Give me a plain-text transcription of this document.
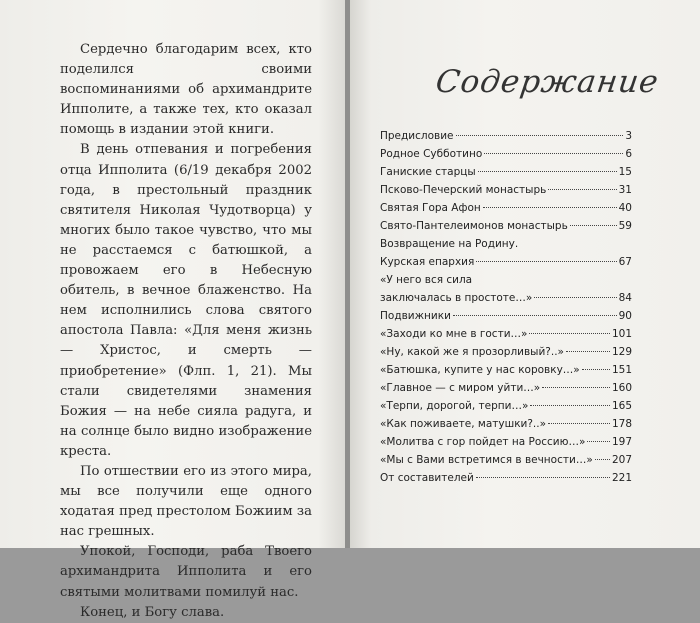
Сердечно благодарим всех, кто поделился своими воспоминаниями об архимандрите Ипполите, а также тех, кто оказал помощь в издании этой книги.

В день отпевания и погребения отца Ипполита (6/19 декабря 2002 года, в престольный праздник святителя Николая Чудотворца) у многих было такое чувство, что мы не расстаемся с батюшкой, а провожаем его в Небесную обитель, в вечное блаженство. На нем исполнились слова святого апостола Павла: «Для меня жизнь — Христос, и смерть — приобретение» (Флп. 1, 21). Мы стали свидетелями знамения Божия — на небе сияла радуга, и на солнце было видно изображение креста.

По отшествии его из этого мира, мы все получили еще одного ходатая пред престолом Божиим за нас грешных.

Упокой, Господи, раба Твоего архимандрита Ипполита и его святыми молитвами помилуй нас.

Конец, и Богу слава.

Содержание
Предисловие	3
Родное Субботино	6
Ганиские старцы	15
Псково-Печерский монастырь	31
Святая Гора Афон	40
Свято-Пантелеимонов монастырь	59
Возвращение на Родину.
Курская епархия	67
«У него вся сила
заключалась в простоте…»	84
Подвижники	90
«Заходи ко мне в гости…»	101
«Ну, какой же я прозорливый?..»	129
«Батюшка, купите у нас коровку…»	151
«Главное — с миром уйти…»	160
«Терпи, дорогой, терпи…»	165
«Как поживаете, матушки?..»	178
«Молитва с гор пойдет на Россию…»	197
«Мы с Вами встретимся в вечности…» 207
От составителей	221
